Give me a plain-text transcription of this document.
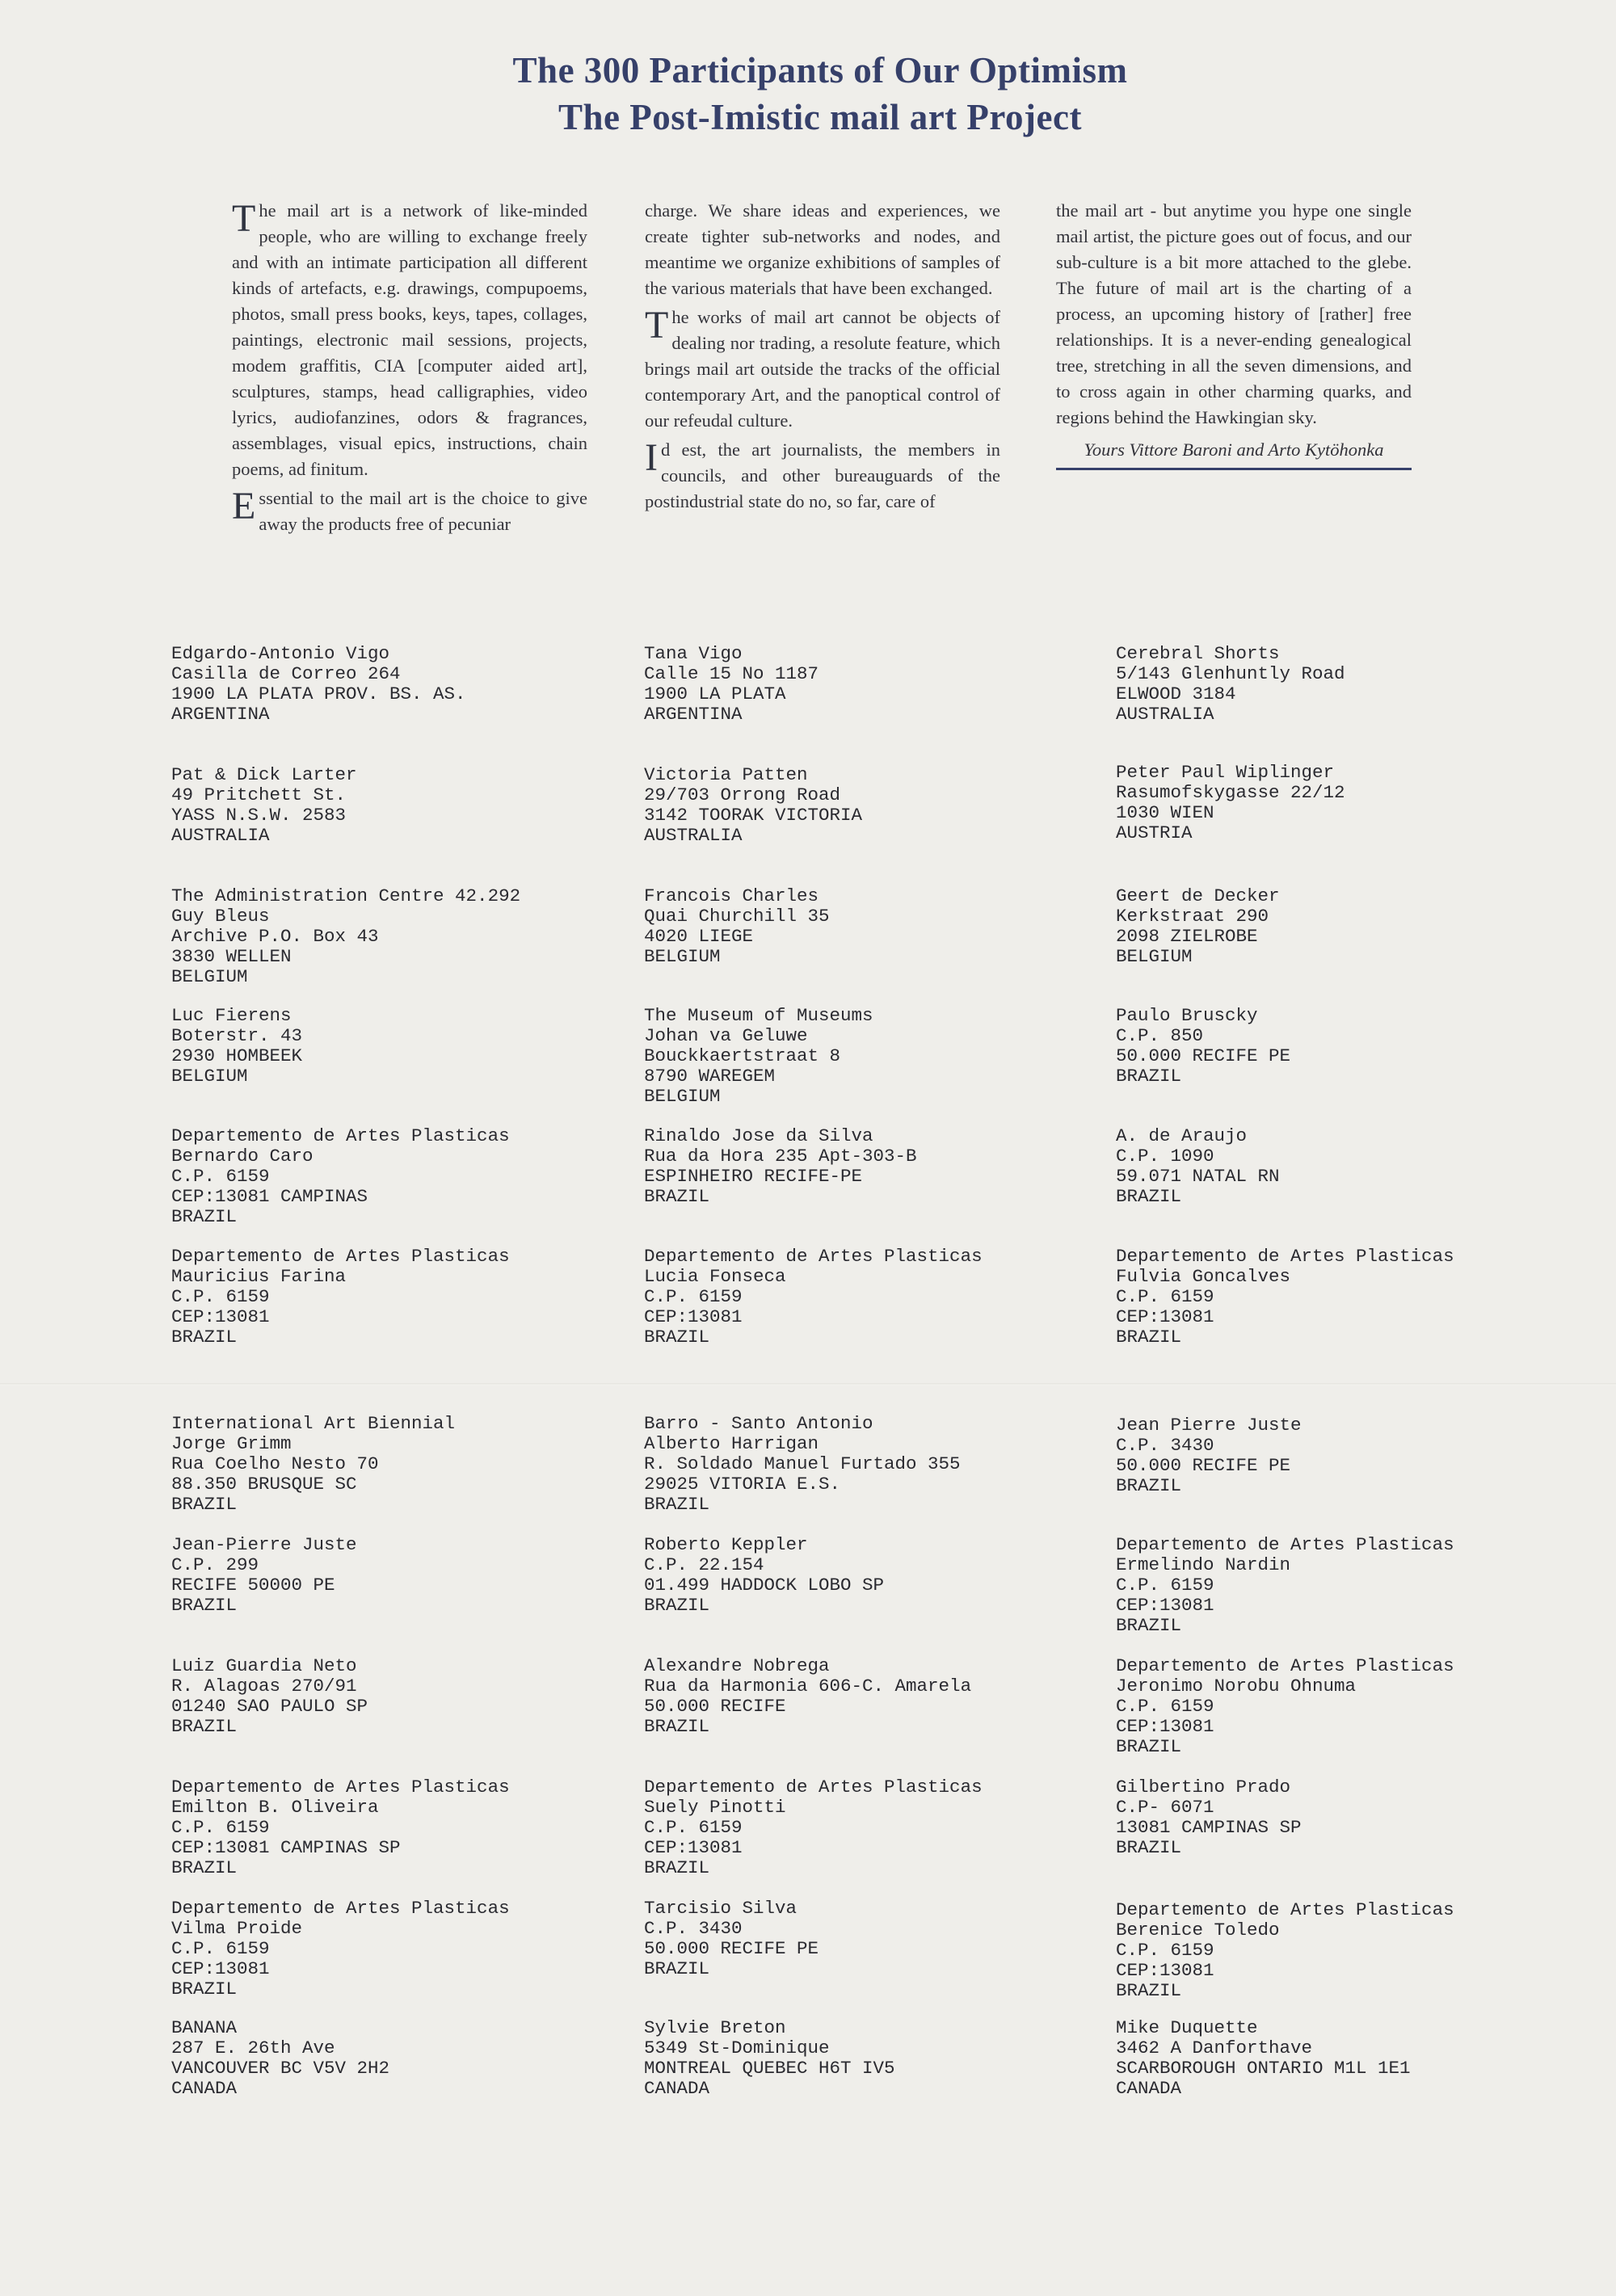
The 300 Participants of Our Optimism
The Post-Imistic mail art Project

The mail art is a network of like-minded people, who are willing to exchange freely and with an intimate participation all different kinds of artefacts, e.g. drawings, compupoems, photos, small press books, keys, tapes, collages, paintings, electronic mail sessions, projects, modem graffitis, CIA [computer aided art], sculptures, stamps, head calligraphies, video lyrics, audiofanzines, odors & fragrances, assemblages, visual epics, instructions, chain poems, ad finitum.

Essential to the mail art is the choice to give away the products free of pecuniar

charge. We share ideas and experiences, we create tighter sub-networks and nodes, and meantime we organize exhibitions of samples of the various materials that have been exchanged.

The works of mail art cannot be objects of dealing nor trading, a resolute feature, which brings mail art outside the tracks of the official contemporary Art, and the panoptical control of our refeudal culture.

Id est, the art journalists, the members in councils, and other bureauguards of the postindustrial state do no, so far, care of

the mail art - but anytime you hype one single mail artist, the picture goes out of focus, and our sub-culture is a bit more attached to the glebe. The future of mail art is the charting of a process, an upcoming history of [rather] free relationships. It is a never-ending genealogical tree, stretching in all the seven dimensions, and to cross again in other charming quarks, and regions behind the Hawkingian sky.

Yours Vittore Baroni and Arto Kytöhonka
Edgardo-Antonio Vigo
Casilla de Correo 264
1900 LA PLATA PROV. BS. AS.
ARGENTINA
Tana Vigo
Calle 15 No 1187
1900 LA PLATA
ARGENTINA
Cerebral Shorts
5/143 Glenhuntly Road
ELWOOD 3184
AUSTRALIA
Pat & Dick Larter
49 Pritchett St.
YASS N.S.W. 2583
AUSTRALIA
Victoria Patten
29/703 Orrong Road
3142 TOORAK VICTORIA
AUSTRALIA
Peter Paul Wiplinger
Rasumofskygasse 22/12
1030 WIEN
AUSTRIA
The Administration Centre 42.292
Guy Bleus
Archive P.O. Box 43
3830 WELLEN
BELGIUM
Francois Charles
Quai Churchill 35
4020 LIEGE
BELGIUM
Geert de Decker
Kerkstraat 290
2098 ZIELROBE
BELGIUM
Luc Fierens
Boterstr. 43
2930 HOMBEEK
BELGIUM
The Museum of Museums
Johan va Geluwe
Bouckkaertstraat 8
8790 WAREGEM
BELGIUM
Paulo Bruscky
C.P. 850
50.000 RECIFE PE
BRAZIL
Departemento de Artes Plasticas
Bernardo Caro
C.P. 6159
CEP:13081 CAMPINAS
BRAZIL
Rinaldo Jose da Silva
Rua da Hora 235 Apt-303-B
ESPINHEIRO RECIFE-PE
BRAZIL
A. de Araujo
C.P. 1090
59.071 NATAL RN
BRAZIL
Departemento de Artes Plasticas
Mauricius Farina
C.P. 6159
CEP:13081
BRAZIL
Departemento de Artes Plasticas
Lucia Fonseca
C.P. 6159
CEP:13081
BRAZIL
Departemento de Artes Plasticas
Fulvia Goncalves
C.P. 6159
CEP:13081
BRAZIL
International Art Biennial
Jorge Grimm
Rua Coelho Nesto 70
88.350 BRUSQUE SC
BRAZIL
Barro - Santo Antonio
Alberto Harrigan
R. Soldado Manuel Furtado 355
29025 VITORIA E.S.
BRAZIL
Jean Pierre Juste
C.P. 3430
50.000 RECIFE PE
BRAZIL
Jean-Pierre Juste
C.P. 299
RECIFE 50000 PE
BRAZIL
Roberto Keppler
C.P. 22.154
01.499 HADDOCK LOBO SP
BRAZIL
Departemento de Artes Plasticas
Ermelindo Nardin
C.P. 6159
CEP:13081
BRAZIL
Luiz Guardia Neto
R. Alagoas 270/91
01240 SAO PAULO SP
BRAZIL
Alexandre Nobrega
Rua da Harmonia 606-C. Amarela
50.000 RECIFE
BRAZIL
Departemento de Artes Plasticas
Jeronimo Norobu Ohnuma
C.P. 6159
CEP:13081
BRAZIL
Departemento de Artes Plasticas
Emilton B. Oliveira
C.P. 6159
CEP:13081 CAMPINAS SP
BRAZIL
Departemento de Artes Plasticas
Suely Pinotti
C.P. 6159
CEP:13081
BRAZIL
Gilbertino Prado
C.P- 6071
13081 CAMPINAS SP
BRAZIL
Departemento de Artes Plasticas
Vilma Proide
C.P. 6159
CEP:13081
BRAZIL
Tarcisio Silva
C.P. 3430
50.000 RECIFE PE
BRAZIL
Departemento de Artes Plasticas
Berenice Toledo
C.P. 6159
CEP:13081
BRAZIL
BANANA
287 E. 26th Ave
VANCOUVER BC V5V 2H2
CANADA
Sylvie Breton
5349 St-Dominique
MONTREAL QUEBEC H6T IV5
CANADA
Mike Duquette
3462 A Danforthave
SCARBOROUGH ONTARIO M1L 1E1
CANADA
